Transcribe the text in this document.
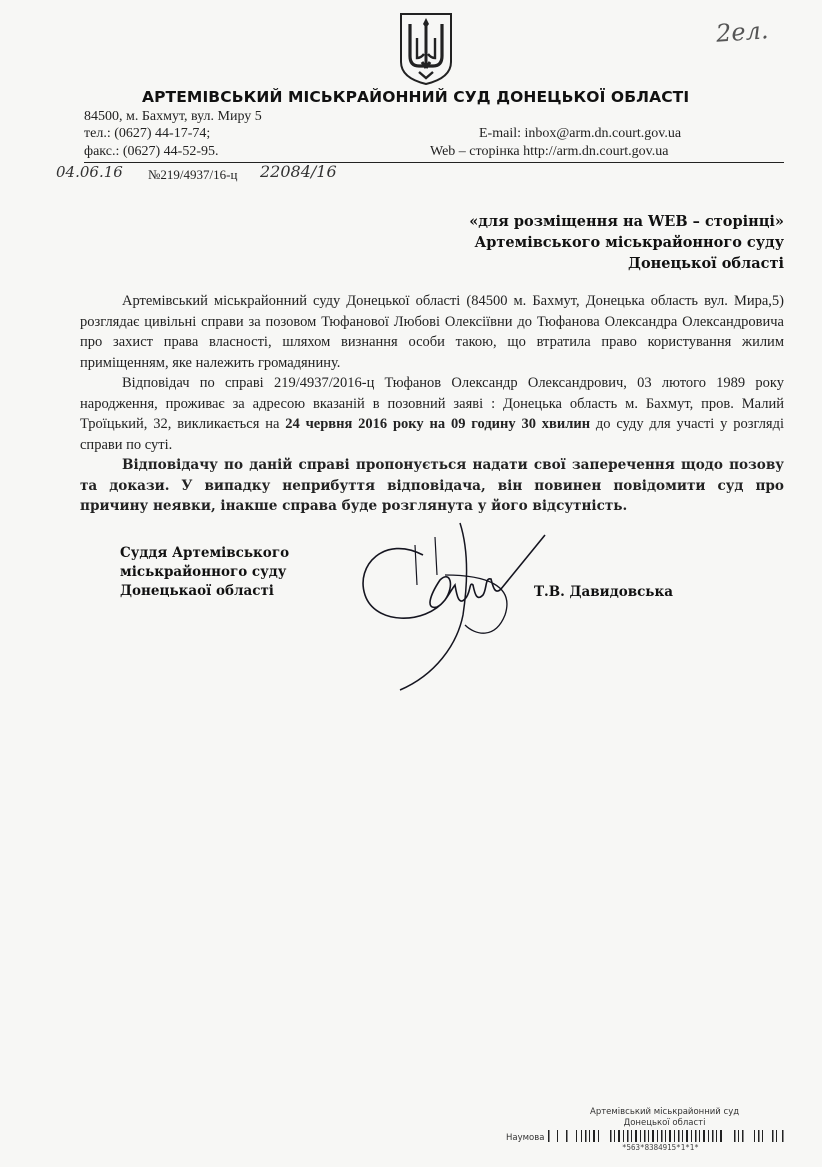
2ел.
АРТЕМІВСЬКИЙ МІСЬКРАЙОННИЙ СУД ДОНЕЦЬКОЇ ОБЛАСТІ
84500, м. Бахмут, вул. Миру 5
тел.: (0627) 44-17-74;
факс.: (0627) 44-52-95.
E-mail: inbox@arm.dn.court.gov.ua
Web – сторінка http://arm.dn.court.gov.ua
04.06.16 №219/4937/16-ц 22084/16
«для розміщення на WEB – сторінці»
Артемівського міськрайонного суду
Донецької області

Артемівський міськрайонний суду Донецької області (84500 м. Бахмут, Донецька область вул. Мира,5) розглядає цивільні справи за позовом Тюфанової Любові Олексіївни до Тюфанова Олександра Олександровича про захист права власності, шляхом визнання особи такою, що втратила право користування жилим приміщенням, яке належить громадянину.

Відповідач по справі 219/4937/2016-ц Тюфанов Олександр Олександрович, 03 лютого 1989 року народження, проживає за адресою вказаній в позовний заяві : Донецька область м. Бахмут, пров. Малий Троїцький, 32, викликається на 24 червня 2016 року на 09 годину 30 хвилин до суду для участі у розгляді справи по суті.

Відповідачу по даній справі пропонується надати свої заперечення щодо позову та докази. У випадку неприбуття відповідача, він повинен повідомити суд про причину неявки, інакше справа буде розглянута у його відсутність.

Суддя Артемівського
міськрайонного суду
Донецькаої області	Т.В. Давидовська
Артемівський міськрайонний суд
Донецької області
Наумова
*563*8384915*1*1*
